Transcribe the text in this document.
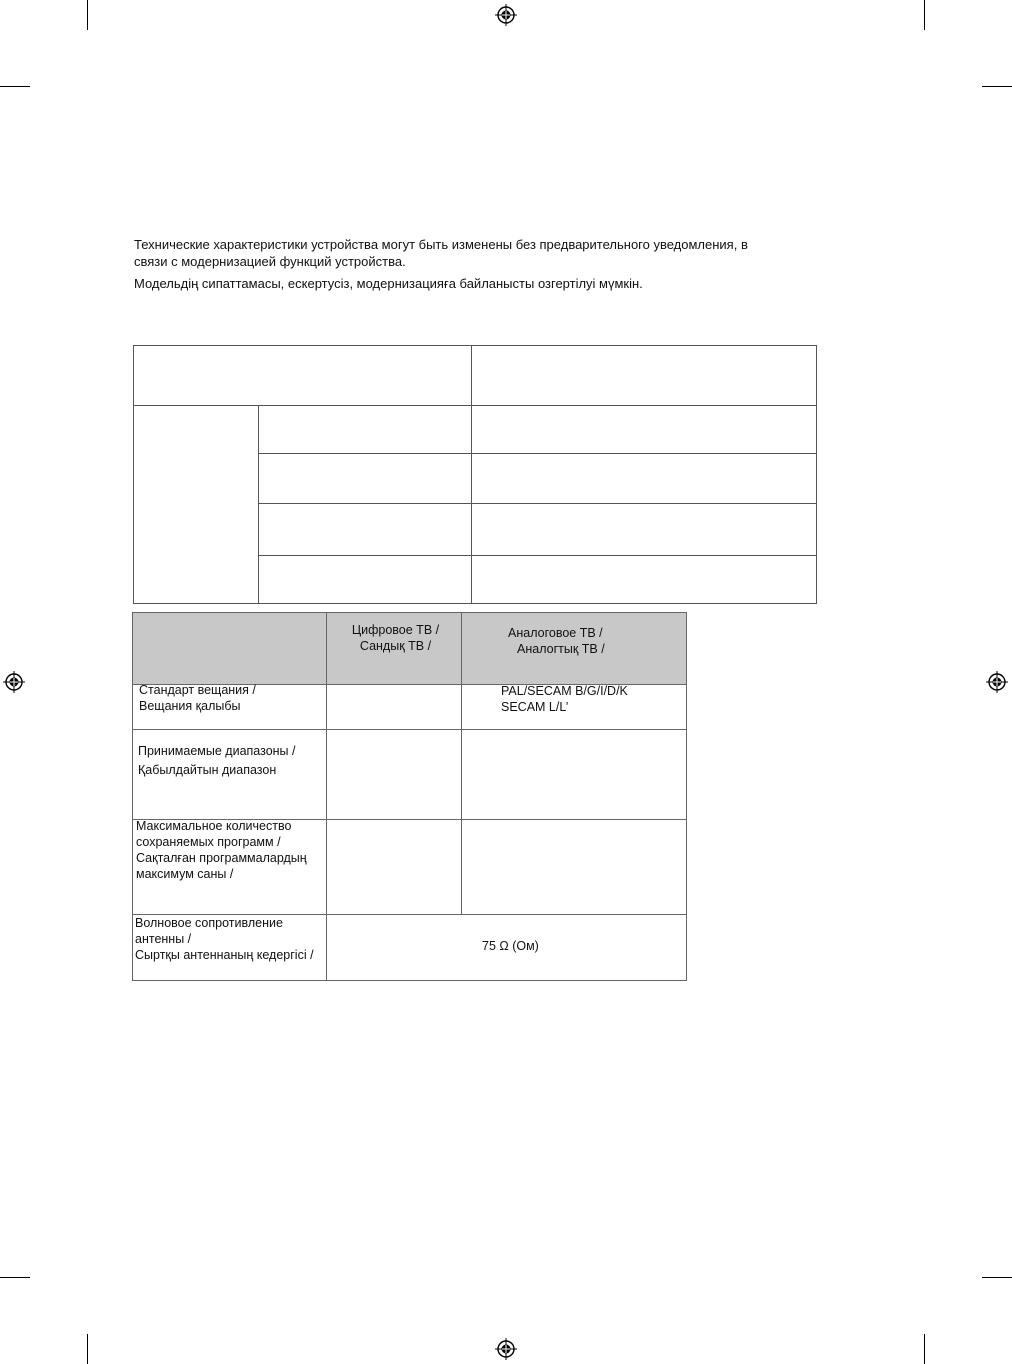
Технические характеристики устройства могут быть изменены без предварительного уведомления, в
связи с модернизацией функций устройства.
Модельдің сипаттамасы, ескертусіз, модернизацияға байланысты озгертілуі мүмкін.
Цифровое ТВ /
Сандық ТВ /
Аналоговое ТВ /
Аналогтық ТВ /
Стандарт вещания /
Вещания қалыбы
PAL/SECAM B/G/I/D/K
SECAM L/L’
Принимаемые диапазоны /
Қабылдайтын диапазон
Максимальное количество
сохраняемых программ /
Сақталған программалардың
максимум саны /
Волновое сопротивление
антенны /
Сыртқы антеннаның кедергісі /
75 Ω (Ом)
